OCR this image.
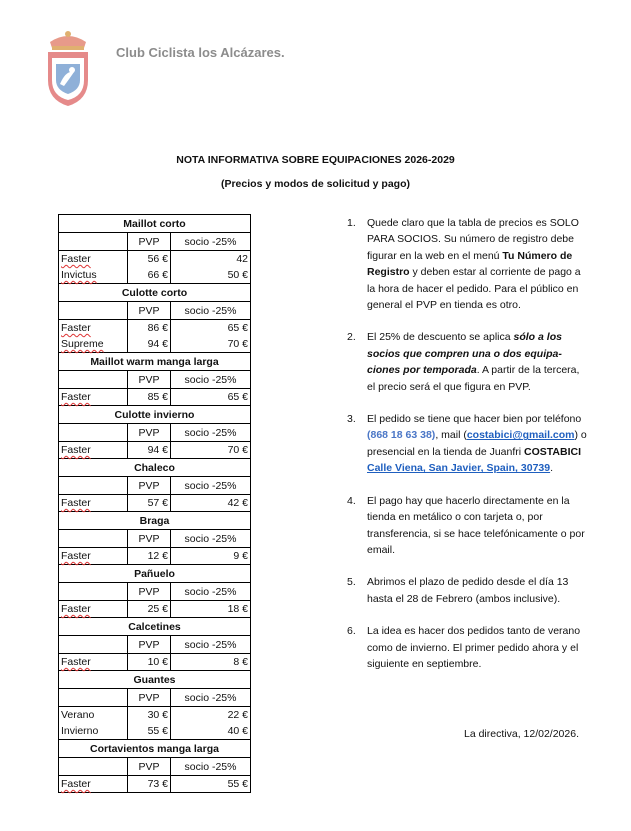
Club Ciclista los Alcázares.
NOTA INFORMATIVA SOBRE EQUIPACIONES 2026-2029
(Precios y modos de solicitud y pago)
Maillot corto		
	PVP	socio -25%
Faster	56 €	42
Invictus	66 €	50 €
Culotte corto		
	PVP	socio -25%
Faster	86 €	65 €
Supreme	94 €	70 €
Maillot warm manga larga		
	PVP	socio -25%
Faster	85 €	65 €
Culotte invierno		
	PVP	socio -25%
Faster	94 €	70 €
Chaleco		
	PVP	socio -25%
Faster	57 €	42 €
Braga		
	PVP	socio -25%
Faster	12 €	9 €
Pañuelo		
	PVP	socio -25%
Faster	25 €	18 €
Calcetines		
	PVP	socio -25%
Faster	10 €	8 €
Guantes		
	PVP	socio -25%
Verano	30 €	22 €
Invierno	55 €	40 €
Cortavientos manga larga		
	PVP	socio -25%
Faster	73 €	55 €
1.	Quede claro que la tabla de precios es SOLO PARA SOCIOS. Su número de registro debe figurar en la web en el menú Tu Número de Registro y deben estar al corriente de pago a la hora de hacer el pedido. Para el público en general el PVP en tienda es otro.
2.	El 25% de descuento se aplica sólo a los socios que compren una o dos equipa-ciones por temporada. A partir de la tercera, el precio será el que figura en PVP.
3.	El pedido se tiene que hacer bien por teléfono (868 18 63 38), mail (costabici@gmail.com) o presencial en la tienda de Juanfri COSTABICI
Calle Viena, San Javier, Spain, 30739.
4.	El pago hay que hacerlo directamente en la tienda en metálico o con tarjeta o, por transferencia, si se hace telefónicamente o por email.
5.	Abrimos el plazo de pedido desde el día 13 hasta el 28 de Febrero (ambos inclusive).
6.	La idea es hacer dos pedidos tanto de verano como de invierno. El primer pedido ahora y el siguiente en septiembre.
La directiva, 12/02/2026.
